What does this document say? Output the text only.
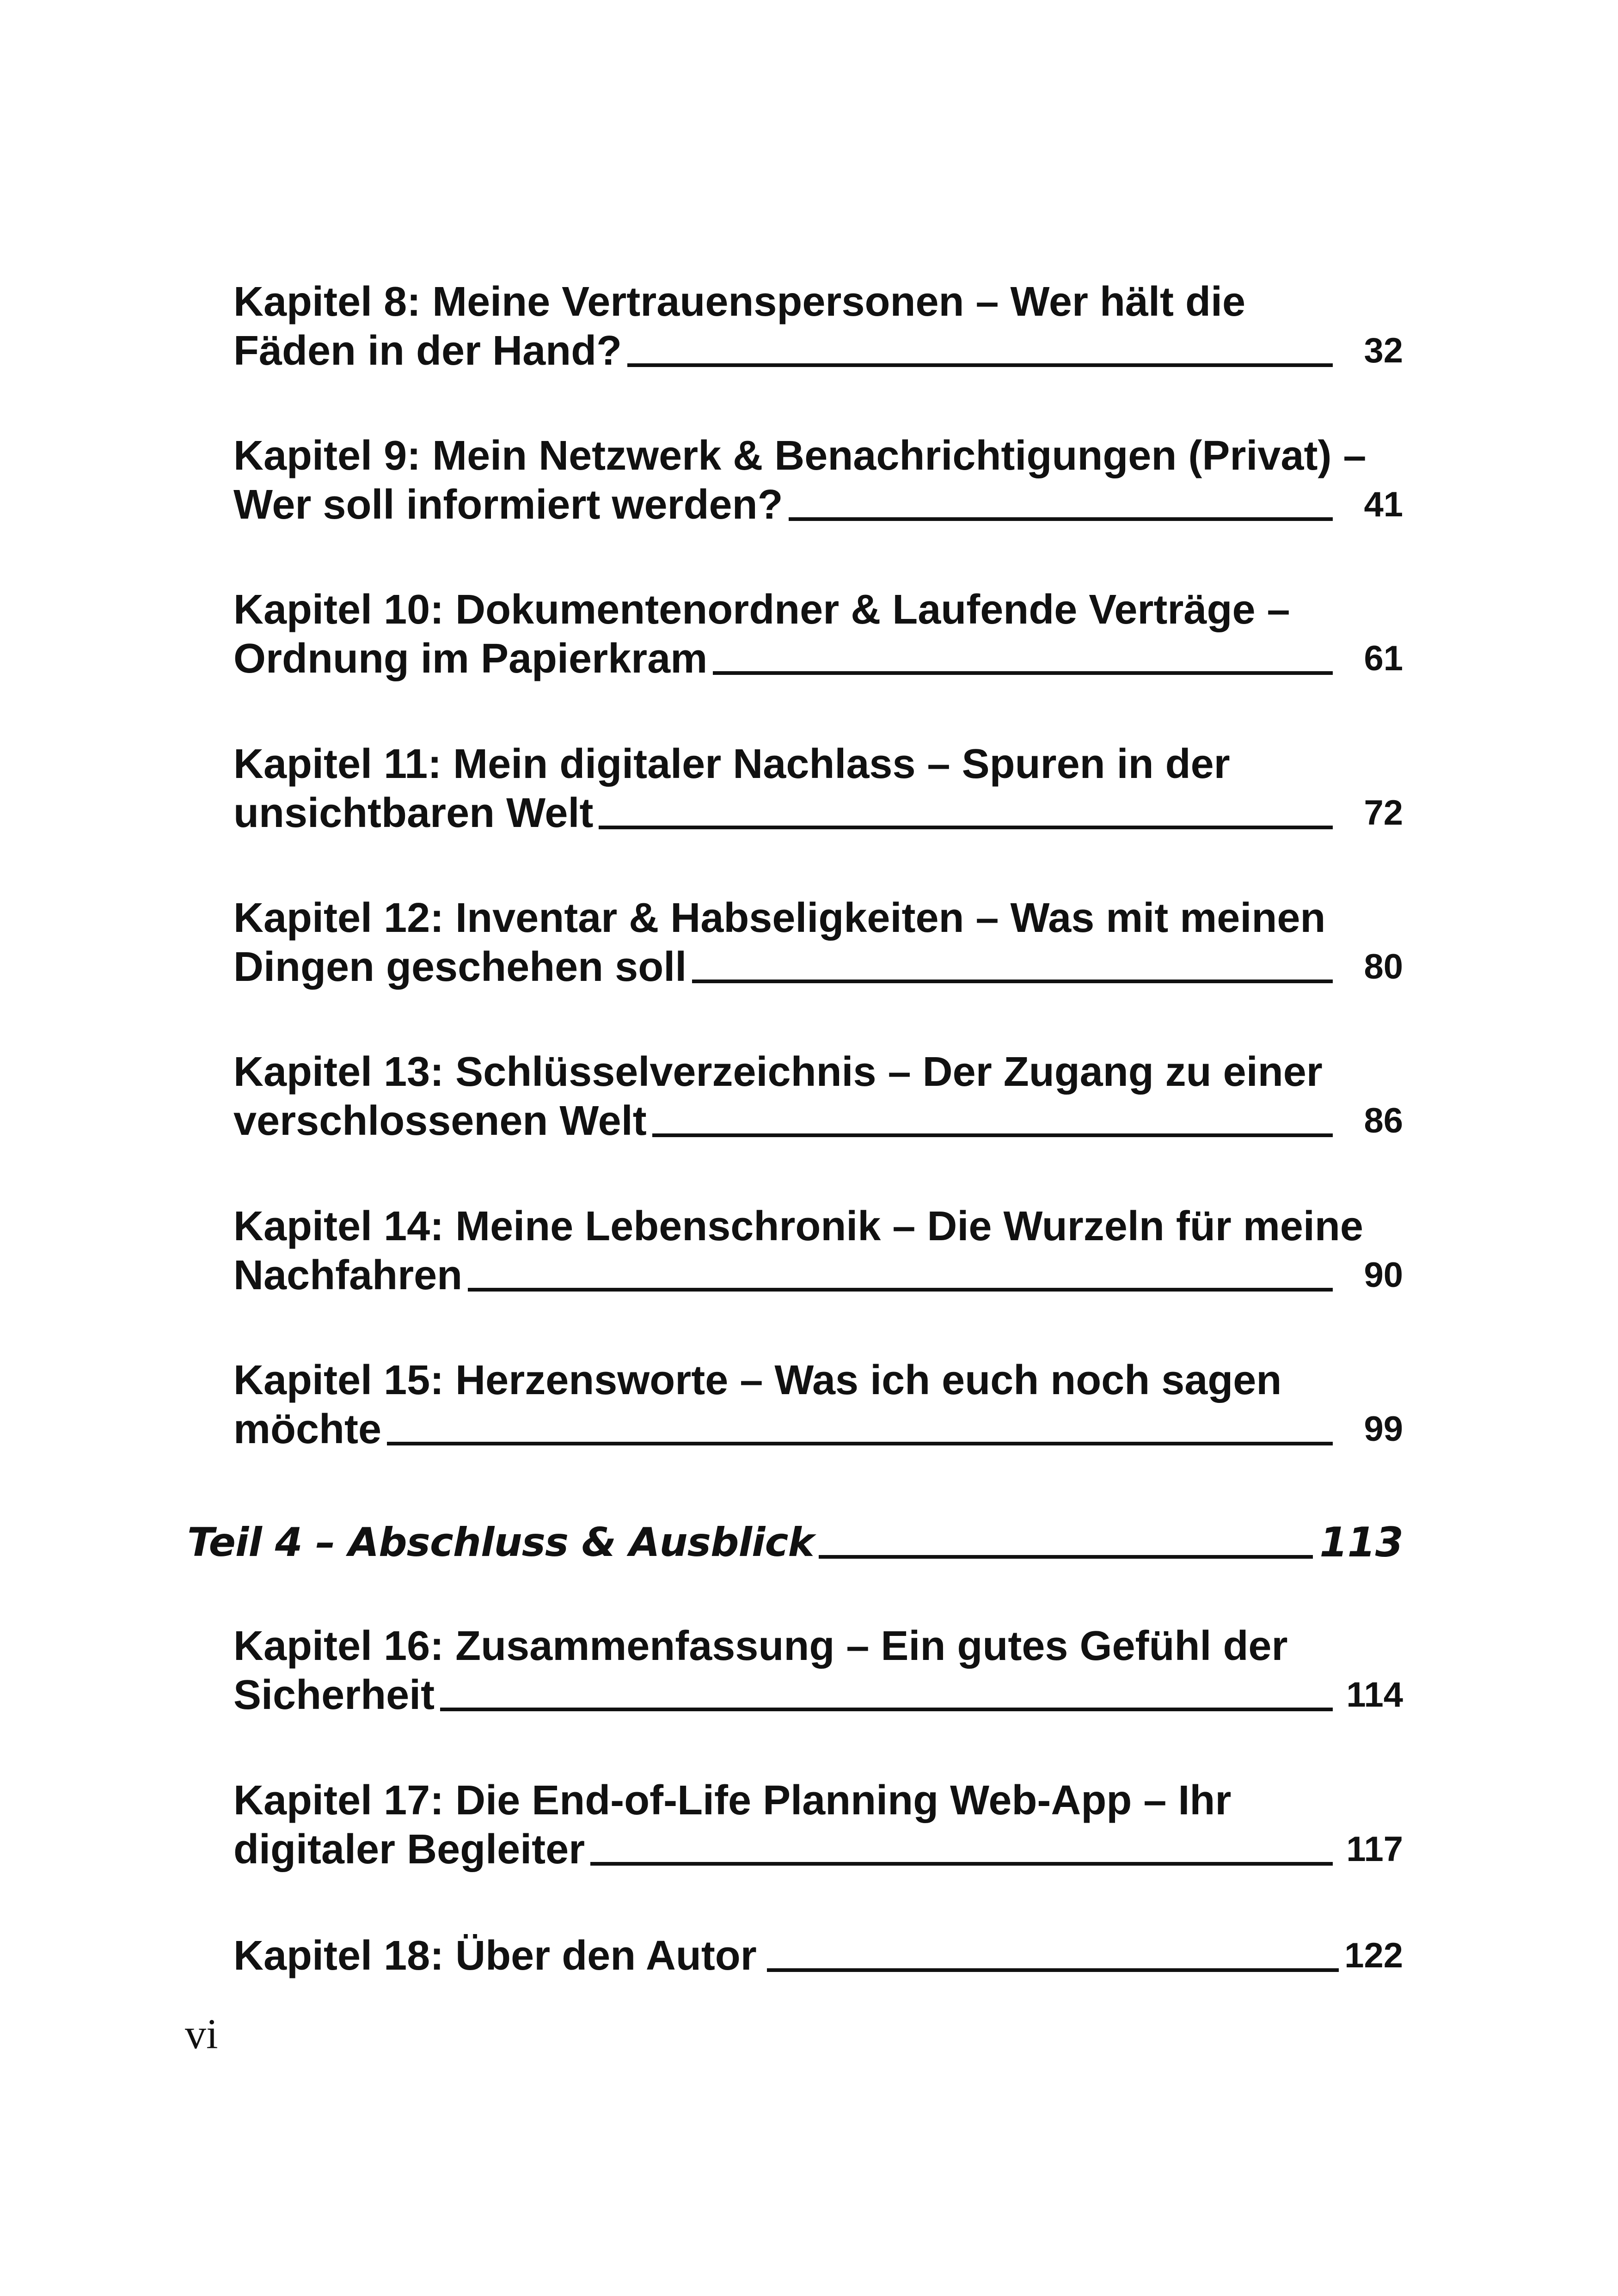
Kapitel 8: Meine Vertrauenspersonen – Wer hält die
Fäden in der Hand?	32
Kapitel 9: Mein Netzwerk & Benachrichtigungen (Privat) –
Wer soll informiert werden?	41
Kapitel 10: Dokumentenordner & Laufende Verträge –
Ordnung im Papierkram	61
Kapitel 11: Mein digitaler Nachlass – Spuren in der
unsichtbaren Welt	72
Kapitel 12: Inventar & Habseligkeiten – Was mit meinen
Dingen geschehen soll	80
Kapitel 13: Schlüsselverzeichnis – Der Zugang zu einer
verschlossenen Welt	86
Kapitel 14: Meine Lebenschronik – Die Wurzeln für meine
Nachfahren	90
Kapitel 15: Herzensworte – Was ich euch noch sagen
möchte	99
Teil 4 – Abschluss & Ausblick	113
Kapitel 16: Zusammenfassung – Ein gutes Gefühl der
Sicherheit	114
Kapitel 17: Die End-of-Life Planning Web-App – Ihr
digitaler Begleiter	117
Kapitel 18: Über den Autor	122
vi
